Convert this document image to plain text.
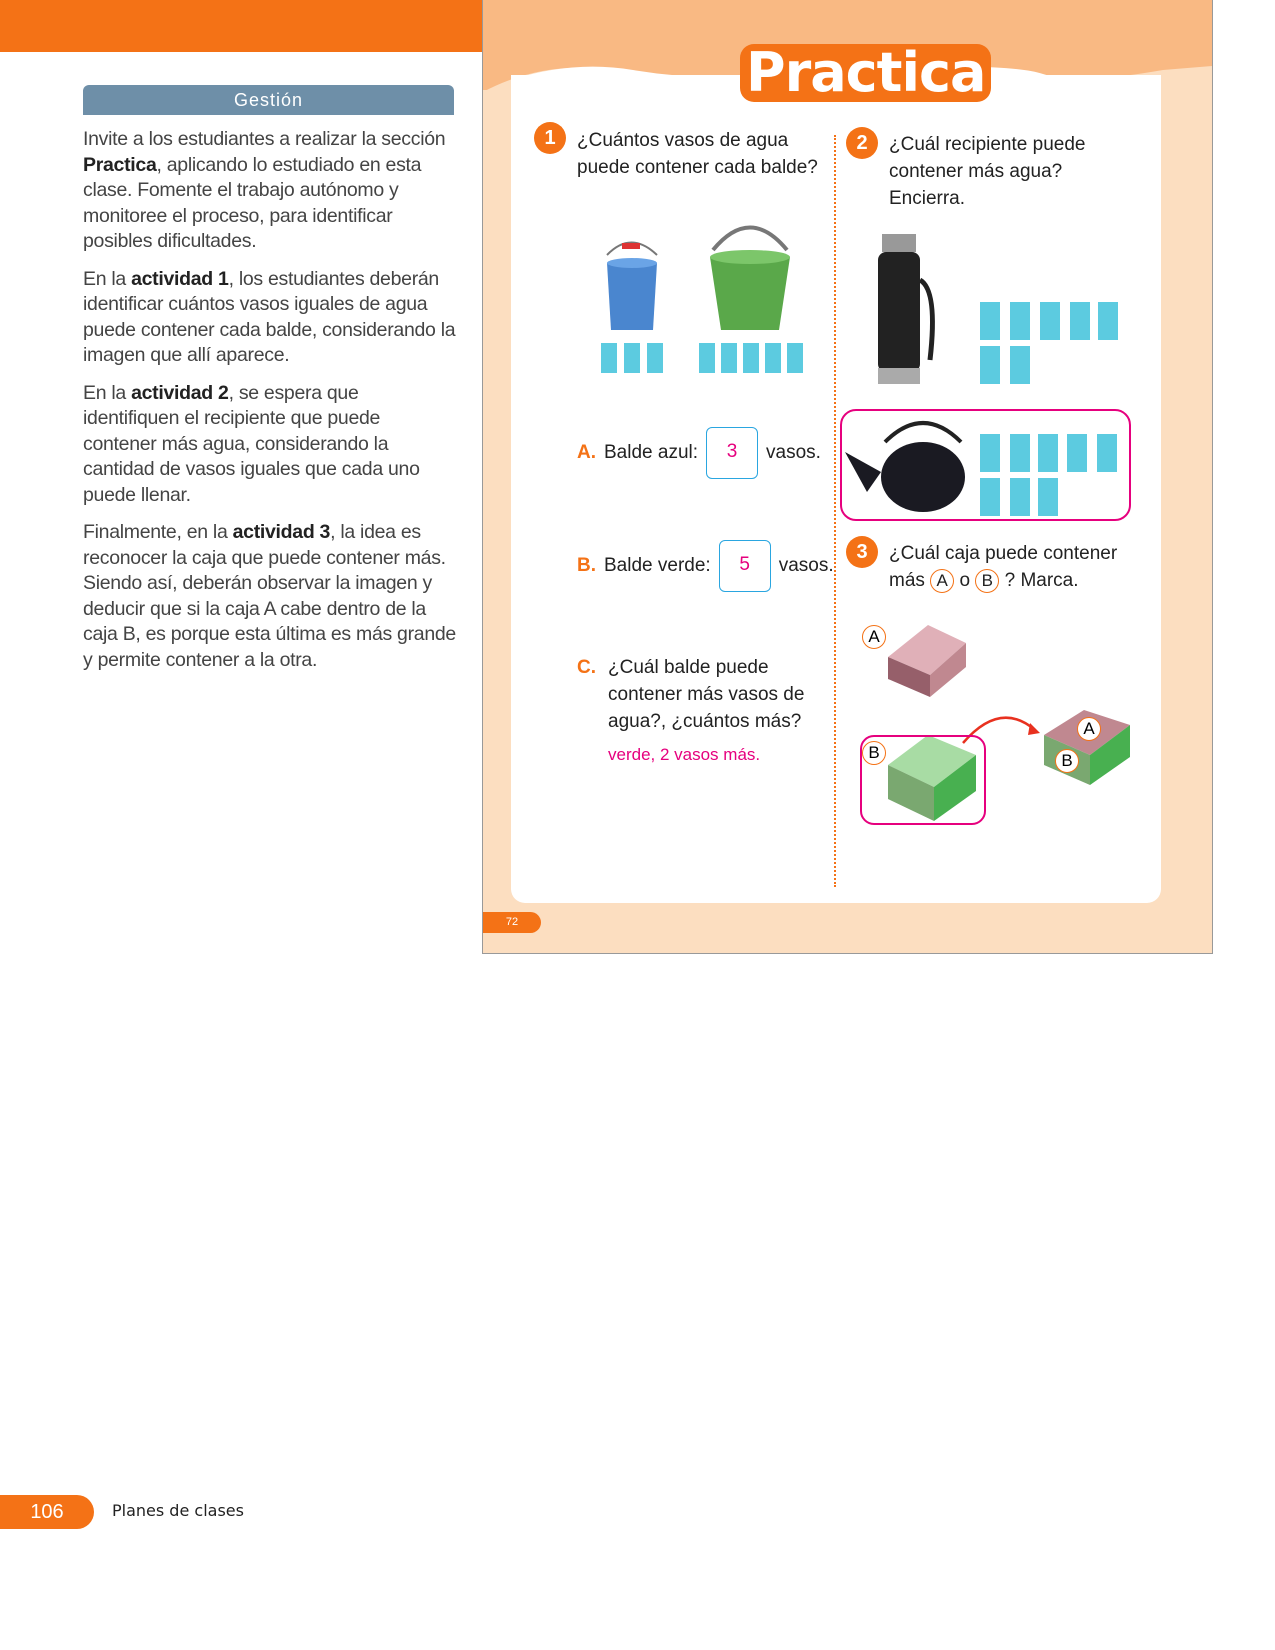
Gestión

Invite a los estudiantes a realizar la sección Practica, aplicando lo estudiado en esta clase. Fomente el trabajo autónomo y monitoree el proceso, para identificar posibles dificultades.

En la actividad 1, los estudiantes deberán identificar cuántos vasos iguales de agua puede contener cada balde, considerando la imagen que allí aparece.

En la actividad 2, se espera que identifiquen el recipiente que puede contener más agua, considerando la cantidad de vasos iguales que cada uno puede llenar.

Finalmente, en la actividad 3, la idea es reconocer la caja que puede contener más. Siendo así, deberán observar la imagen y deducir que si la caja A cabe dentro de la caja B, es porque esta última es más grande y permite contener a la otra.

Practica
1	¿Cuántos vasos de agua puede contener cada balde?
A. Balde azul:	3	vasos.
B. Balde verde:	5	vasos.
C. ¿Cuál balde puede contener más vasos de agua?, ¿cuántos más?
verde, 2 vasos más.
2	¿Cuál recipiente puede contener más agua? Encierra.
3	¿Cuál caja puede contener más A o B ? Marca.
A
B
A
B
72
106	Planes de clases
